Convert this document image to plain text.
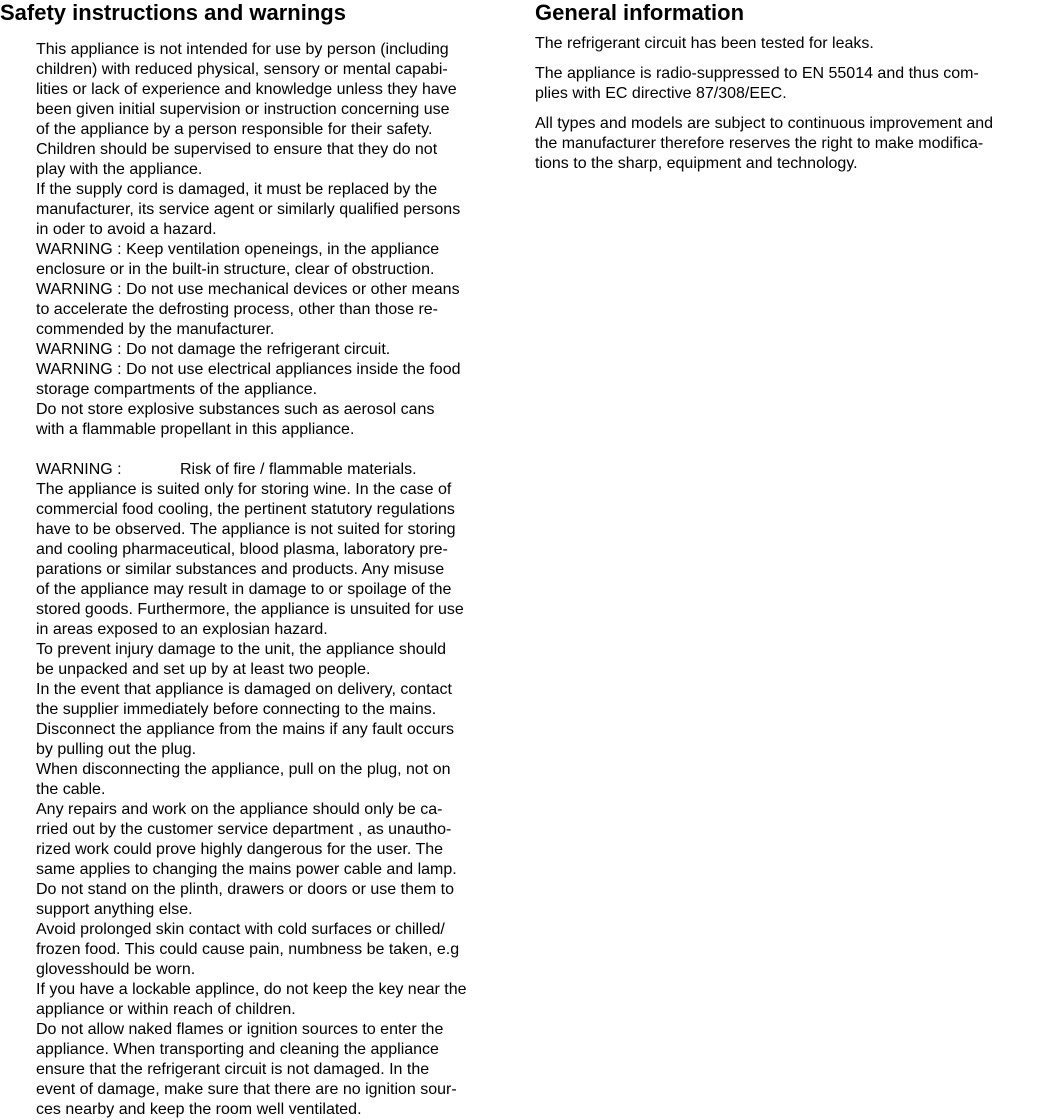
Safety instructions and warnings
This appliance is not intended for use by person (including
children) with reduced physical, sensory or mental capabi-
lities or lack of experience and knowledge unless they have
been given initial supervision or instruction concerning use
of the appliance by a person responsible for their safety.
Children should be supervised to ensure that they do not
play with the appliance.
If the supply cord is damaged, it must be replaced by the
manufacturer, its service agent or similarly qualified persons
in oder to avoid a hazard.
WARNING : Keep ventilation openeings, in the appliance
enclosure or in the built-in structure, clear of obstruction.
WARNING : Do not use mechanical devices or other means
to accelerate the defrosting process, other than those re-
commended by the manufacturer.
WARNING : Do not damage the refrigerant circuit.
WARNING : Do not use electrical appliances inside the food
storage compartments of the appliance.
Do not store explosive substances such as aerosol cans
with a flammable propellant in this appliance.
WARNING :	Risk of fire / flammable materials.
The appliance is suited only for storing wine. In the case of
commercial food cooling, the pertinent statutory regulations
have to be observed. The appliance is not suited for storing
and cooling pharmaceutical, blood plasma, laboratory pre-
parations or similar substances and products. Any misuse
of the appliance may result in damage to or spoilage of the
stored goods. Furthermore, the appliance is unsuited for use
in areas exposed to an explosian hazard.
To prevent injury damage to the unit, the appliance should
be unpacked and set up by at least two people.
In the event that appliance is damaged on delivery, contact
the supplier immediately before connecting to the mains.
Disconnect the appliance from the mains if any fault occurs
by pulling out the plug.
When disconnecting the appliance, pull on the plug, not on
the cable.
Any repairs and work on the appliance should only be ca-
rried out by the customer service department , as unautho-
rized work could prove highly dangerous for the user. The
same applies to changing the mains power cable and lamp.
Do not stand on the plinth, drawers or doors or use them to
support anything else.
Avoid prolonged skin contact with cold surfaces or chilled/
frozen food. This could cause pain, numbness be taken, e.g
glovesshould be worn.
If you have a lockable applince, do not keep the key near the
appliance or within reach of children.
Do not allow naked flames or ignition sources to enter the
appliance. When transporting and cleaning the appliance
ensure that the refrigerant circuit is not damaged. In the
event of damage, make sure that there are no ignition sour-
ces nearby and keep the room well ventilated.
General information
The refrigerant circuit has been tested for leaks.
The appliance is radio-suppressed to EN 55014 and thus com-
plies with EC directive 87/308/EEC.
All types and models are subject to continuous improvement and
the manufacturer therefore reserves the right to make modifica-
tions to the sharp, equipment and technology.
